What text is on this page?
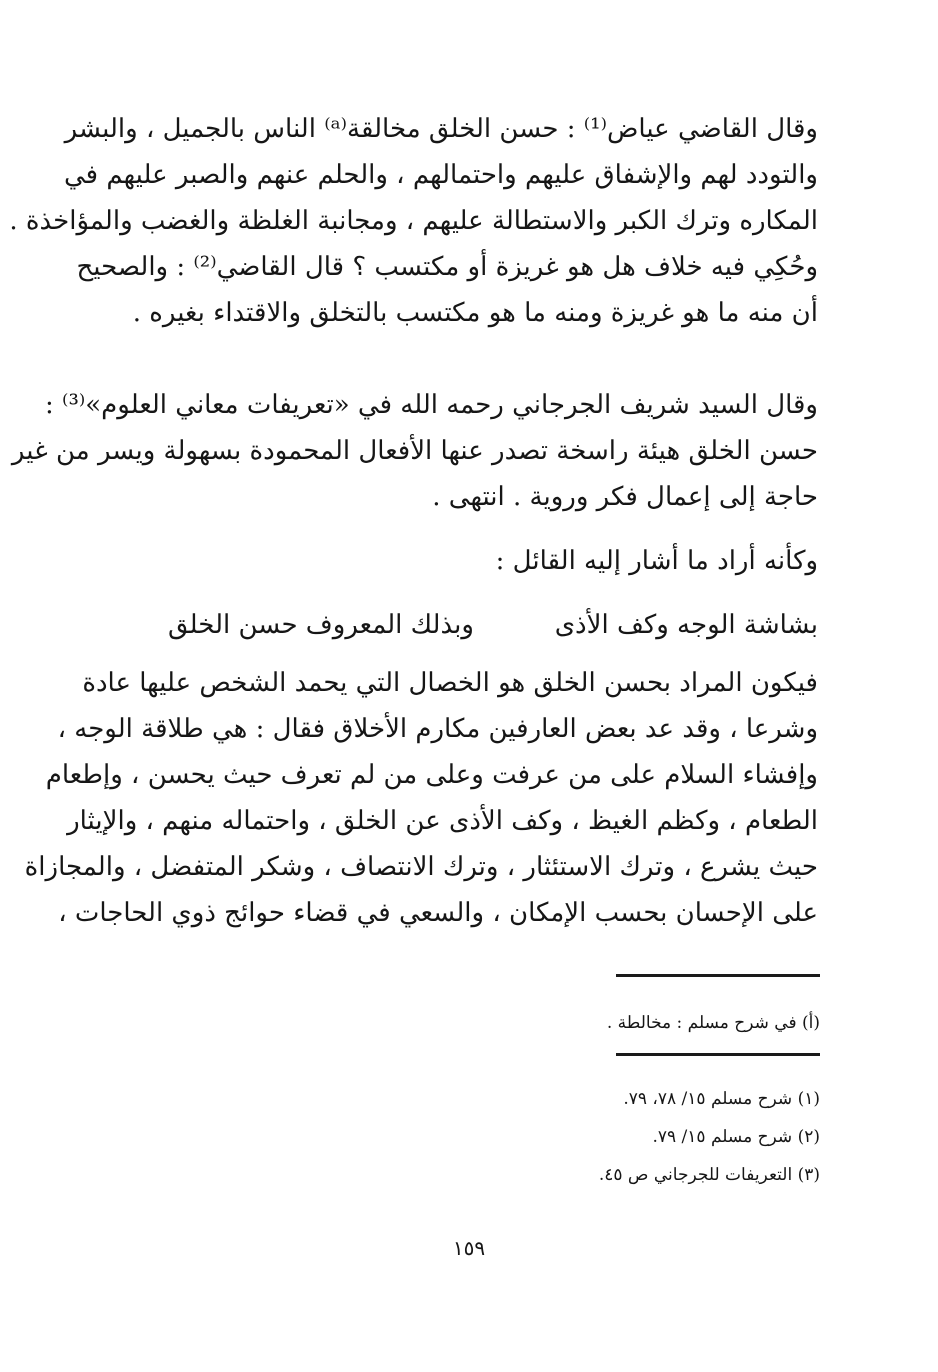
وقال القاضي عياض⁽¹⁾ : حسن الخلق مخالقة⁽ᵃ⁾ الناس بالجميل ، والبشر
والتودد لهم والإشفاق عليهم واحتمالهم ، والحلم عنهم والصبر عليهم في
المكاره وترك الكبر والاستطالة عليهم ، ومجانبة الغلظة والغضب والمؤاخذة .
وحُكِي فيه خلاف هل هو غريزة أو مكتسب ؟ قال القاضي⁽²⁾ : والصحيح
أن منه ما هو غريزة ومنه ما هو مكتسب بالتخلق والاقتداء بغيره .
وقال السيد شريف الجرجاني رحمه الله في «تعريفات معاني العلوم»⁽³⁾ :
حسن الخلق هيئة راسخة تصدر عنها الأفعال المحمودة بسهولة ويسر من غير
حاجة إلى إعمال فكر وروية . انتهى .
وكأنه أراد ما أشار إليه القائل :
بشاشة الوجه وكف الأذى
وبذلك المعروف حسن الخلق
فيكون المراد بحسن الخلق هو الخصال التي يحمد الشخص عليها عادة
وشرعا ، وقد عد بعض العارفين مكارم الأخلاق فقال : هي طلاقة الوجه ،
وإفشاء السلام على من عرفت وعلى من لم تعرف حيث يحسن ، وإطعام
الطعام ، وكظم الغيظ ، وكف الأذى عن الخلق ، واحتماله منهم ، والإيثار
حيث يشرع ، وترك الاستئثار ، وترك الانتصاف ، وشكر المتفضل ، والمجازاة
على الإحسان بحسب الإمكان ، والسعي في قضاء حوائج ذوي الحاجات ،
(أ) في شرح مسلم : مخالطة .
(١) شرح مسلم ١٥/ ٧٨، ٧٩.
(٢) شرح مسلم ١٥/ ٧٩.
(٣) التعريفات للجرجاني ص ٤٥.
١٥٩
